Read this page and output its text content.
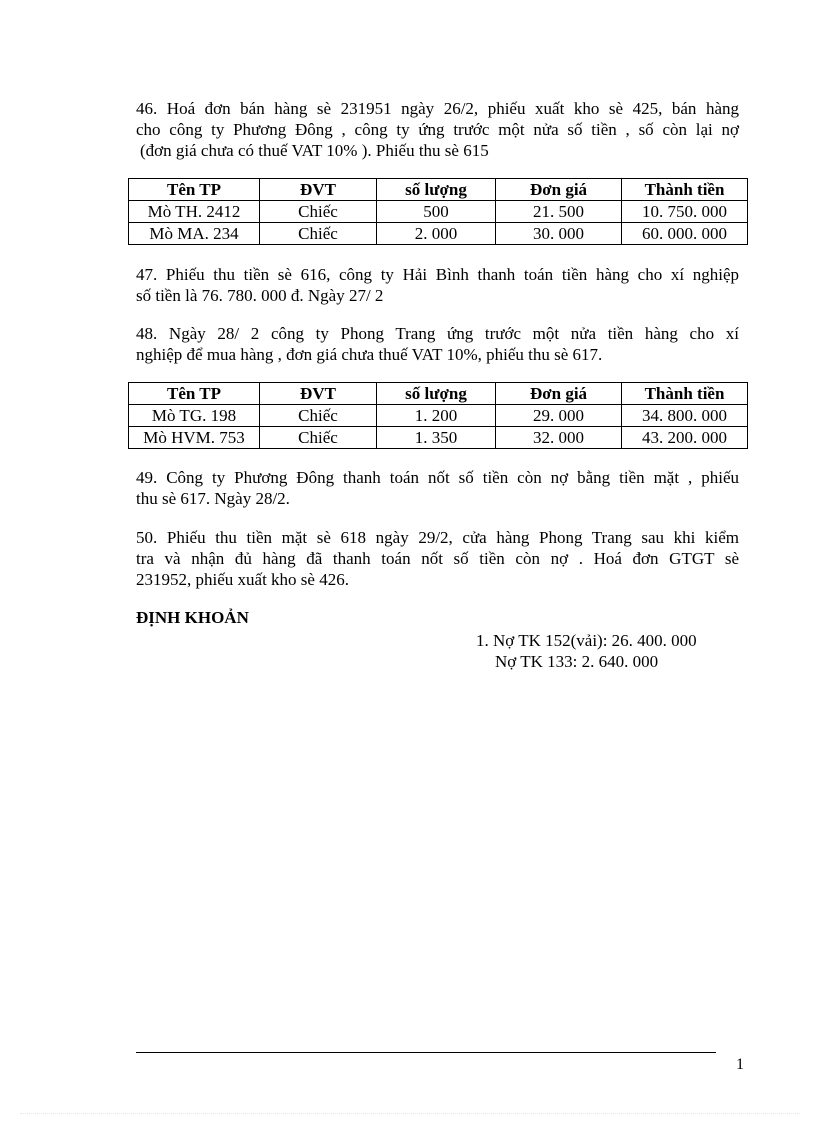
46. Hoá đơn bán hàng sè 231951 ngày 26/2, phiếu xuất kho sè 425, bán hàng
cho công ty Phương Đông , công ty ứng trước một nửa số tiền , số còn lại nợ
(đơn giá chưa có thuế VAT 10% ). Phiếu thu sè 615
Tên TP	ĐVT	số lượng	Đơn giá	Thành tiền
Mò TH. 2412	Chiếc	500	21. 500	10. 750. 000
Mò MA. 234	Chiếc	2. 000	30. 000	60. 000. 000
47. Phiếu thu tiền sè 616, công ty Hải Bình thanh toán tiền hàng cho xí nghiệp
số tiền là 76. 780. 000 đ. Ngày 27/ 2
48. Ngày 28/ 2 công ty Phong Trang ứng trước một nửa tiền hàng cho xí
nghiệp để mua hàng , đơn giá chưa thuế VAT 10%, phiếu thu sè 617.
Tên TP	ĐVT	số lượng	Đơn giá	Thành tiền
Mò TG. 198	Chiếc	1. 200	29. 000	34. 800. 000
Mò HVM. 753	Chiếc	1. 350	32. 000	43. 200. 000
49. Công ty Phương Đông thanh toán nốt số tiền còn nợ bằng tiền mặt , phiếu
thu sè 617. Ngày 28/2.
50. Phiếu thu tiền mặt sè 618 ngày 29/2, cửa hàng Phong Trang sau khi kiểm
tra và nhận đủ hàng đã thanh toán nốt số tiền còn nợ . Hoá đơn GTGT sè
231952, phiếu xuất kho sè 426.
ĐỊNH KHOẢN
1. Nợ TK 152(vải): 26. 400. 000
Nợ TK 133: 2. 640. 000
1
